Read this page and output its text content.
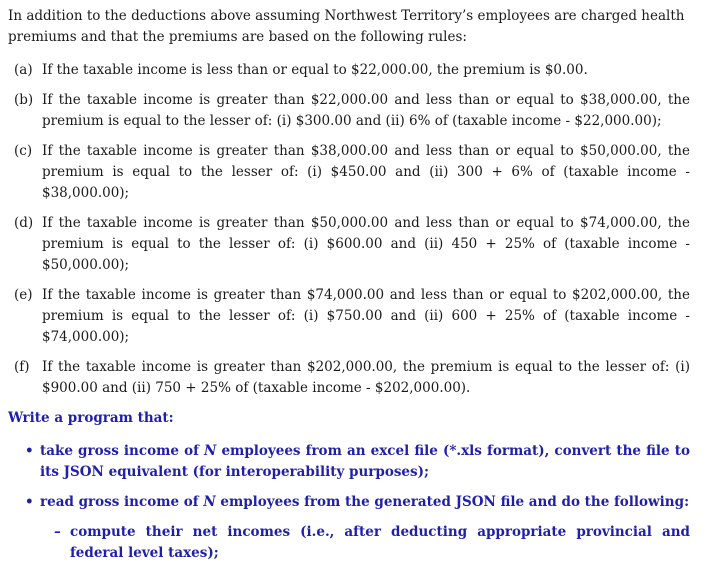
In addition to the deductions above assuming Northwest Territory’s employees are charged health premiums and that the premiums are based on the following rules:

(a) If the taxable income is less than or equal to $22,000.00, the premium is $0.00.
(b) If the taxable income is greater than $22,000.00 and less than or equal to $38,000.00, the premium is equal to the lesser of: (i) $300.00 and (ii) 6% of (taxable income - $22,000.00);
(c) If the taxable income is greater than $38,000.00 and less than or equal to $50,000.00, the premium is equal to the lesser of: (i) $450.00 and (ii) 300 + 6% of (taxable income - $38,000.00);
(d) If the taxable income is greater than $50,000.00 and less than or equal to $74,000.00, the premium is equal to the lesser of: (i) $600.00 and (ii) 450 + 25% of (taxable income - $50,000.00);
(e) If the taxable income is greater than $74,000.00 and less than or equal to $202,000.00, the premium is equal to the lesser of: (i) $750.00 and (ii) 600 + 25% of (taxable income - $74,000.00);
(f) If the taxable income is greater than $202,000.00, the premium is equal to the lesser of: (i) $900.00 and (ii) 750 + 25% of (taxable income - $202,000.00).
Write a program that:
• take gross income of N employees from an excel file (*.xls format), convert the file to its JSON equivalent (for interoperability purposes);
• read gross income of N employees from the generated JSON file and do the following:
– compute their net incomes (i.e., after deducting appropriate provincial and federal level taxes);
